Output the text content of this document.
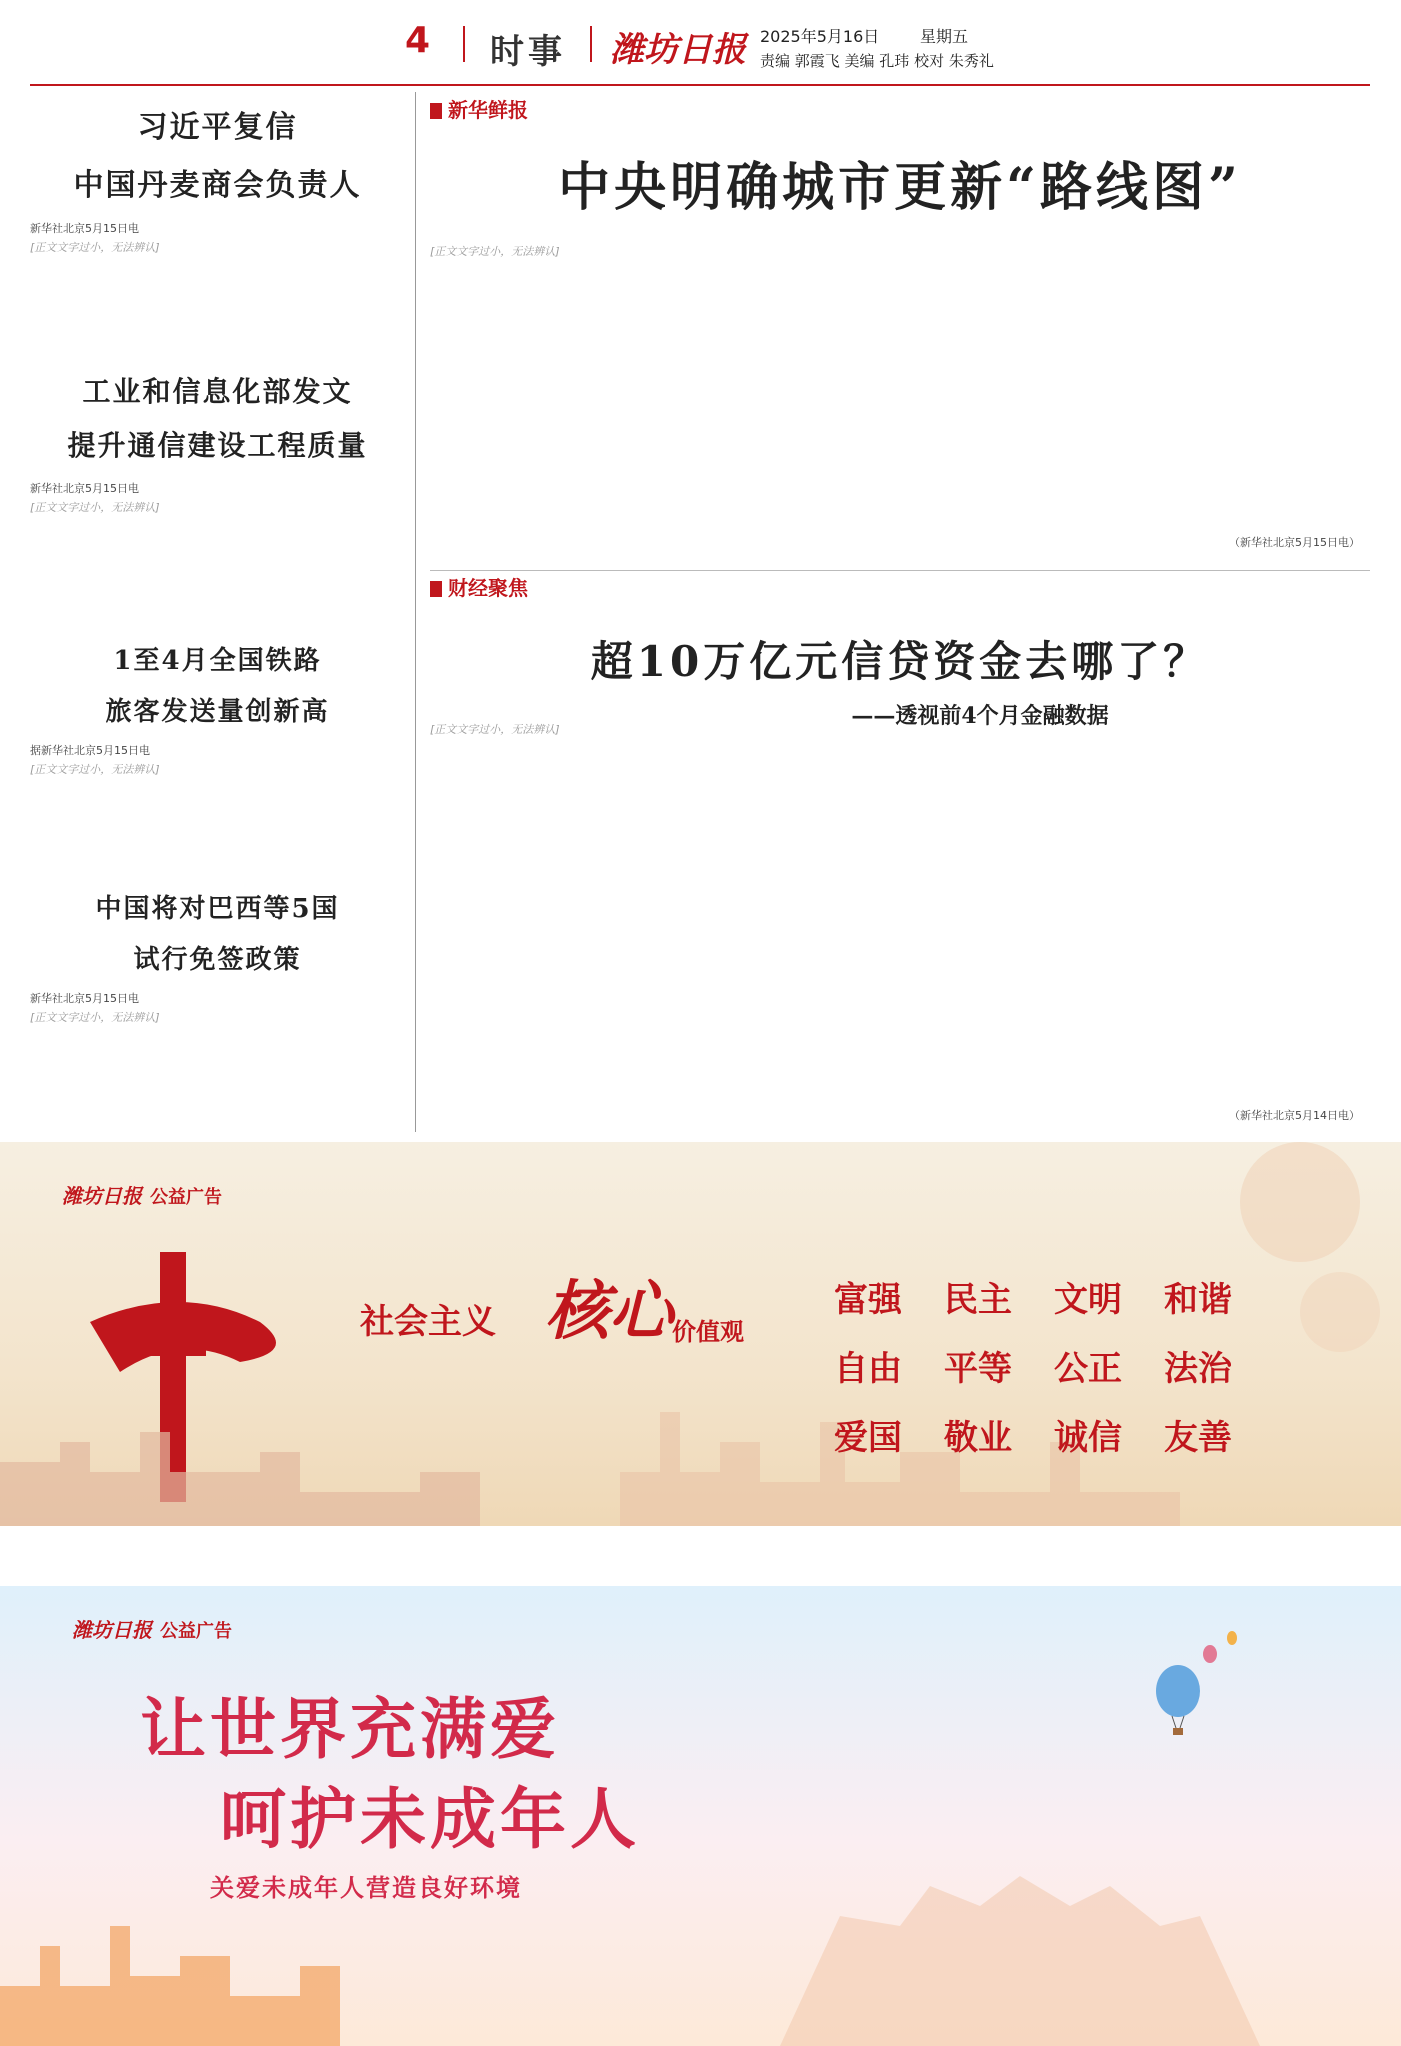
4 时事 潍坊日报 2025年5月16日	星期五
责编 郭霞飞 美编 孔玮 校对 朱秀礼
习近平复信
中国丹麦商会负责人
新华社北京5月15日电
[正文文字过小，无法辨认]
工业和信息化部发文
提升通信建设工程质量
新华社北京5月15日电
[正文文字过小，无法辨认]
1至4月全国铁路
旅客发送量创新高
据新华社北京5月15日电
[正文文字过小，无法辨认]
中国将对巴西等5国
试行免签政策
新华社北京5月15日电
[正文文字过小，无法辨认]
新华鲜报
中央明确城市更新“路线图”
[正文文字过小，无法辨认]
（新华社北京5月15日电）
财经聚焦
超10万亿元信贷资金去哪了？
——透视前4个月金融数据
[正文文字过小，无法辨认]
（新华社北京5月14日电）
潍坊日报 公益广告
社会主义 核心 价值观
富强	民主	文明	和谐
自由	平等	公正	法治
爱国	敬业	诚信	友善
潍坊日报 公益广告
让世界充满爱
呵护未成年人
关爱未成年人营造良好环境
